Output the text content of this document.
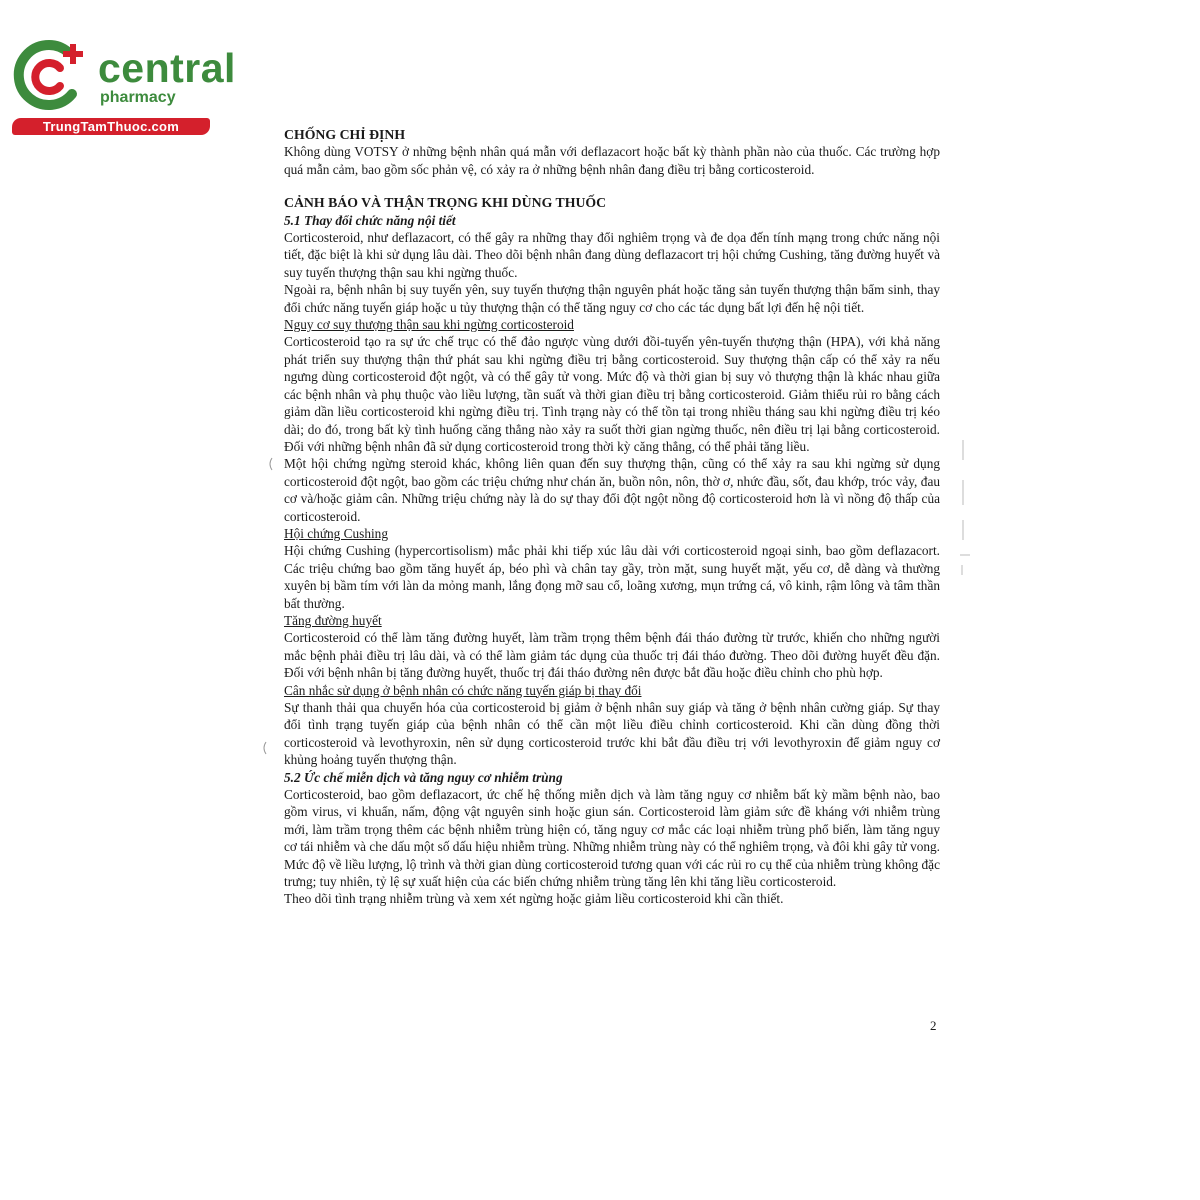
central
pharmacy
TrungTamThuoc.com
CHỐNG CHỈ ĐỊNH

Không dùng VOTSY ở những bệnh nhân quá mẫn với deflazacort hoặc bất kỳ thành phần nào của thuốc. Các trường hợp quá mẫn cảm, bao gồm sốc phản vệ, có xảy ra ở những bệnh nhân đang điều trị bằng corticosteroid.

CẢNH BÁO VÀ THẬN TRỌNG KHI DÙNG THUỐC
5.1 Thay đổi chức năng nội tiết

Corticosteroid, như deflazacort, có thể gây ra những thay đổi nghiêm trọng và đe dọa đến tính mạng trong chức năng nội tiết, đặc biệt là khi sử dụng lâu dài. Theo dõi bệnh nhân đang dùng deflazacort trị hội chứng Cushing, tăng đường huyết và suy tuyến thượng thận sau khi ngừng thuốc.

Ngoài ra, bệnh nhân bị suy tuyến yên, suy tuyến thượng thận nguyên phát hoặc tăng sản tuyến thượng thận bẩm sinh, thay đổi chức năng tuyến giáp hoặc u tủy thượng thận có thể tăng nguy cơ cho các tác dụng bất lợi đến hệ nội tiết.

Nguy cơ suy thượng thận sau khi ngừng corticosteroid

Corticosteroid tạo ra sự ức chế trục có thể đảo ngược vùng dưới đồi-tuyến yên-tuyến thượng thận (HPA), với khả năng phát triển suy thượng thận thứ phát sau khi ngừng điều trị bằng corticosteroid. Suy thượng thận cấp có thể xảy ra nếu ngưng dùng corticosteroid đột ngột, và có thể gây tử vong. Mức độ và thời gian bị suy vỏ thượng thận là khác nhau giữa các bệnh nhân và phụ thuộc vào liều lượng, tần suất và thời gian điều trị bằng corticosteroid. Giảm thiểu rủi ro bằng cách giảm dần liều corticosteroid khi ngừng điều trị. Tình trạng này có thể tồn tại trong nhiều tháng sau khi ngừng điều trị kéo dài; do đó, trong bất kỳ tình huống căng thẳng nào xảy ra suốt thời gian ngừng thuốc, nên điều trị lại bằng corticosteroid. Đối với những bệnh nhân đã sử dụng corticosteroid trong thời kỳ căng thẳng, có thể phải tăng liều.

Một hội chứng ngừng steroid khác, không liên quan đến suy thượng thận, cũng có thể xảy ra sau khi ngừng sử dụng corticosteroid đột ngột, bao gồm các triệu chứng như chán ăn, buồn nôn, nôn, thờ ơ, nhức đầu, sốt, đau khớp, tróc vảy, đau cơ và/hoặc giảm cân. Những triệu chứng này là do sự thay đổi đột ngột nồng độ corticosteroid hơn là vì nồng độ thấp của corticosteroid.

Hội chứng Cushing

Hội chứng Cushing (hypercortisolism) mắc phải khi tiếp xúc lâu dài với corticosteroid ngoại sinh, bao gồm deflazacort. Các triệu chứng bao gồm tăng huyết áp, béo phì và chân tay gầy, tròn mặt, sung huyết mặt, yếu cơ, dễ dàng và thường xuyên bị bầm tím với làn da mỏng manh, lắng đọng mỡ sau cổ, loãng xương, mụn trứng cá, vô kinh, rậm lông và tâm thần bất thường.

Tăng đường huyết

Corticosteroid có thể làm tăng đường huyết, làm trầm trọng thêm bệnh đái tháo đường từ trước, khiến cho những người mắc bệnh phải điều trị lâu dài, và có thể làm giảm tác dụng của thuốc trị đái tháo đường. Theo dõi đường huyết đều đặn. Đối với bệnh nhân bị tăng đường huyết, thuốc trị đái tháo đường nên được bắt đầu hoặc điều chỉnh cho phù hợp.

Cân nhắc sử dụng ở bệnh nhân có chức năng tuyến giáp bị thay đổi

Sự thanh thải qua chuyển hóa của corticosteroid bị giảm ở bệnh nhân suy giáp và tăng ở bệnh nhân cường giáp. Sự thay đổi tình trạng tuyến giáp của bệnh nhân có thể cần một liều điều chỉnh corticosteroid. Khi cần dùng đồng thời corticosteroid và levothyroxin, nên sử dụng corticosteroid trước khi bắt đầu điều trị với levothyroxin để giảm nguy cơ khủng hoảng tuyến thượng thận.

5.2 Ức chế miễn dịch và tăng nguy cơ nhiễm trùng

Corticosteroid, bao gồm deflazacort, ức chế hệ thống miễn dịch và làm tăng nguy cơ nhiễm bất kỳ mầm bệnh nào, bao gồm virus, vi khuẩn, nấm, động vật nguyên sinh hoặc giun sán. Corticosteroid làm giảm sức đề kháng với nhiễm trùng mới, làm trầm trọng thêm các bệnh nhiễm trùng hiện có, tăng nguy cơ mắc các loại nhiễm trùng phổ biến, làm tăng nguy cơ tái nhiễm và che dấu một số dấu hiệu nhiễm trùng. Những nhiễm trùng này có thể nghiêm trọng, và đôi khi gây tử vong. Mức độ về liều lượng, lộ trình và thời gian dùng corticosteroid tương quan với các rủi ro cụ thể của nhiễm trùng không đặc trưng; tuy nhiên, tỷ lệ sự xuất hiện của các biến chứng nhiễm trùng tăng lên khi tăng liều corticosteroid.

Theo dõi tình trạng nhiễm trùng và xem xét ngừng hoặc giảm liều corticosteroid khi cần thiết.

2
